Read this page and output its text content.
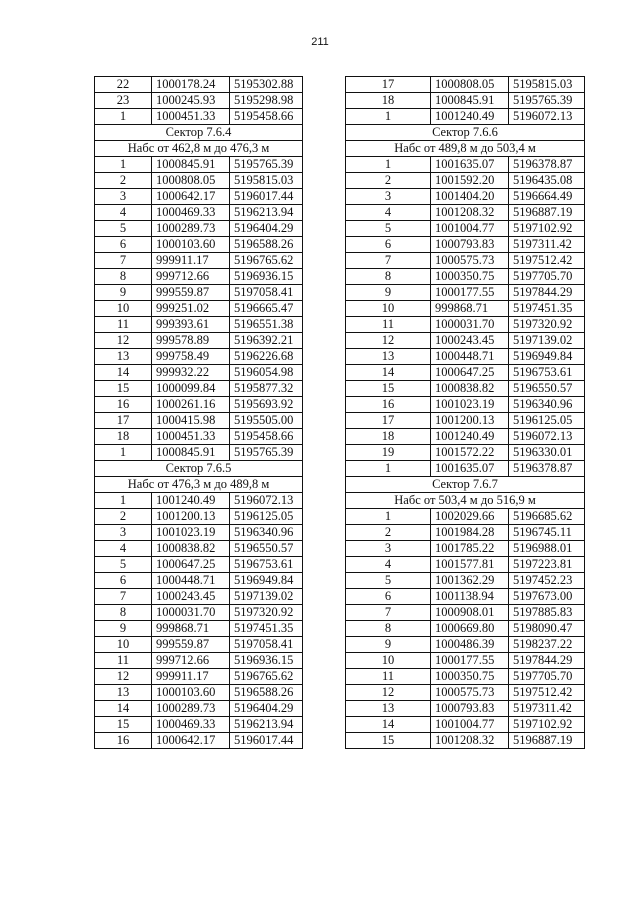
211
22	1000178.24	5195302.88
23	1000245.93	5195298.98
1	1000451.33	5195458.66
Сектор 7.6.4		
Набс от 462,8 м до 476,3 м		
1	1000845.91	5195765.39
2	1000808.05	5195815.03
3	1000642.17	5196017.44
4	1000469.33	5196213.94
5	1000289.73	5196404.29
6	1000103.60	5196588.26
7	999911.17	5196765.62
8	999712.66	5196936.15
9	999559.87	5197058.41
10	999251.02	5196665.47
11	999393.61	5196551.38
12	999578.89	5196392.21
13	999758.49	5196226.68
14	999932.22	5196054.98
15	1000099.84	5195877.32
16	1000261.16	5195693.92
17	1000415.98	5195505.00
18	1000451.33	5195458.66
1	1000845.91	5195765.39
Сектор 7.6.5		
Набс от 476,3 м до 489,8 м		
1	1001240.49	5196072.13
2	1001200.13	5196125.05
3	1001023.19	5196340.96
4	1000838.82	5196550.57
5	1000647.25	5196753.61
6	1000448.71	5196949.84
7	1000243.45	5197139.02
8	1000031.70	5197320.92
9	999868.71	5197451.35
10	999559.87	5197058.41
11	999712.66	5196936.15
12	999911.17	5196765.62
13	1000103.60	5196588.26
14	1000289.73	5196404.29
15	1000469.33	5196213.94
16	1000642.17	5196017.44
17	1000808.05	5195815.03
18	1000845.91	5195765.39
1	1001240.49	5196072.13
Сектор 7.6.6		
Набс от 489,8 м до 503,4 м		
1	1001635.07	5196378.87
2	1001592.20	5196435.08
3	1001404.20	5196664.49
4	1001208.32	5196887.19
5	1001004.77	5197102.92
6	1000793.83	5197311.42
7	1000575.73	5197512.42
8	1000350.75	5197705.70
9	1000177.55	5197844.29
10	999868.71	5197451.35
11	1000031.70	5197320.92
12	1000243.45	5197139.02
13	1000448.71	5196949.84
14	1000647.25	5196753.61
15	1000838.82	5196550.57
16	1001023.19	5196340.96
17	1001200.13	5196125.05
18	1001240.49	5196072.13
19	1001572.22	5196330.01
1	1001635.07	5196378.87
Сектор 7.6.7		
Набс от 503,4 м до 516,9 м		
1	1002029.66	5196685.62
2	1001984.28	5196745.11
3	1001785.22	5196988.01
4	1001577.81	5197223.81
5	1001362.29	5197452.23
6	1001138.94	5197673.00
7	1000908.01	5197885.83
8	1000669.80	5198090.47
9	1000486.39	5198237.22
10	1000177.55	5197844.29
11	1000350.75	5197705.70
12	1000575.73	5197512.42
13	1000793.83	5197311.42
14	1001004.77	5197102.92
15	1001208.32	5196887.19
